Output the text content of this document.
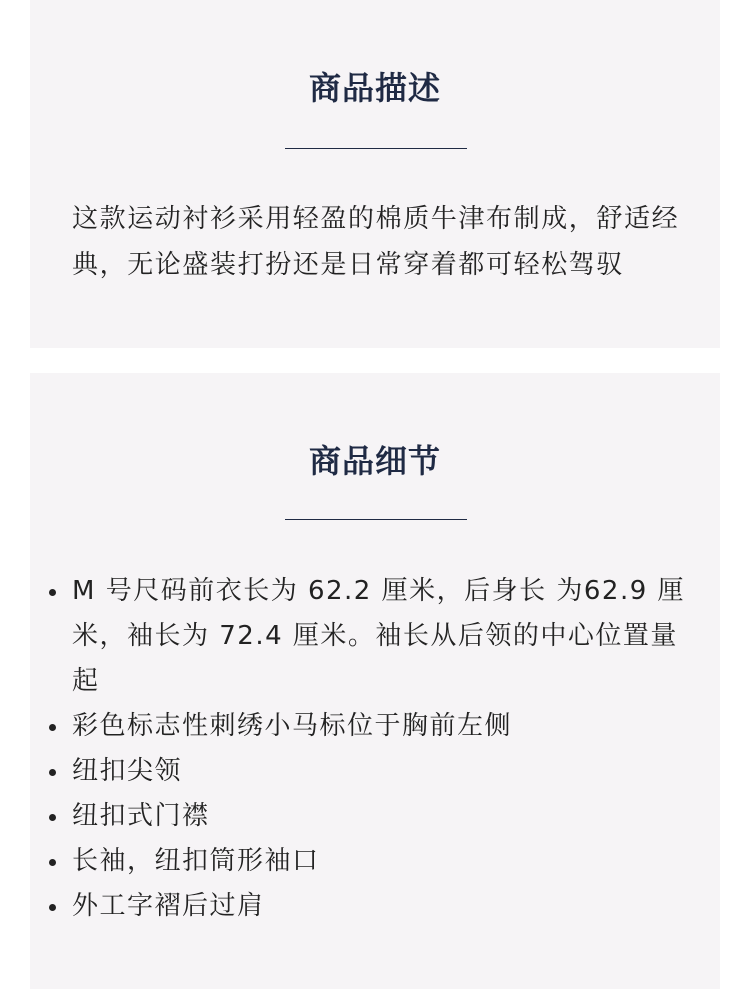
商品描述

这款运动衬衫采用轻盈的棉质牛津布制成，舒适经典，无论盛装打扮还是日常穿着都可轻松驾驭

商品细节
M 号尺码前衣长为 62.2 厘米，后身长 为62.9 厘米，袖长为 72.4 厘米。袖长从后领的中心位置量起
彩色标志性刺绣小马标位于胸前左侧
纽扣尖领
纽扣式门襟
长袖，纽扣筒形袖口
外工字褶后过肩
